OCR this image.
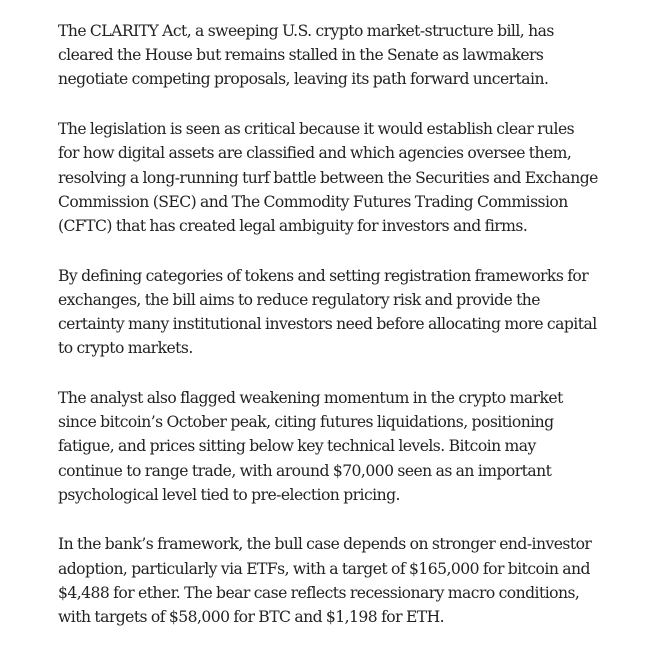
The CLARITY Act, a sweeping U.S. crypto market-structure bill, has cleared the House but remains stalled in the Senate as lawmakers negotiate competing proposals, leaving its path forward uncertain.

The legislation is seen as critical because it would establish clear rules for how digital assets are classified and which agencies oversee them, resolving a long-running turf battle between the Securities and Exchange Commission (SEC) and The Commodity Futures Trading Commission (CFTC) that has created legal ambiguity for investors and firms.

By defining categories of tokens and setting registration frameworks for exchanges, the bill aims to reduce regulatory risk and provide the certainty many institutional investors need before allocating more capital to crypto markets.

The analyst also flagged weakening momentum in the crypto market since bitcoin’s October peak, citing futures liquidations, positioning fatigue, and prices sitting below key technical levels. Bitcoin may continue to range trade, with around $70,000 seen as an important psychological level tied to pre-election pricing.

In the bank’s framework, the bull case depends on stronger end-investor adoption, particularly via ETFs, with a target of $165,000 for bitcoin and $4,488 for ether. The bear case reflects recessionary macro conditions, with targets of $58,000 for BTC and $1,198 for ETH.
